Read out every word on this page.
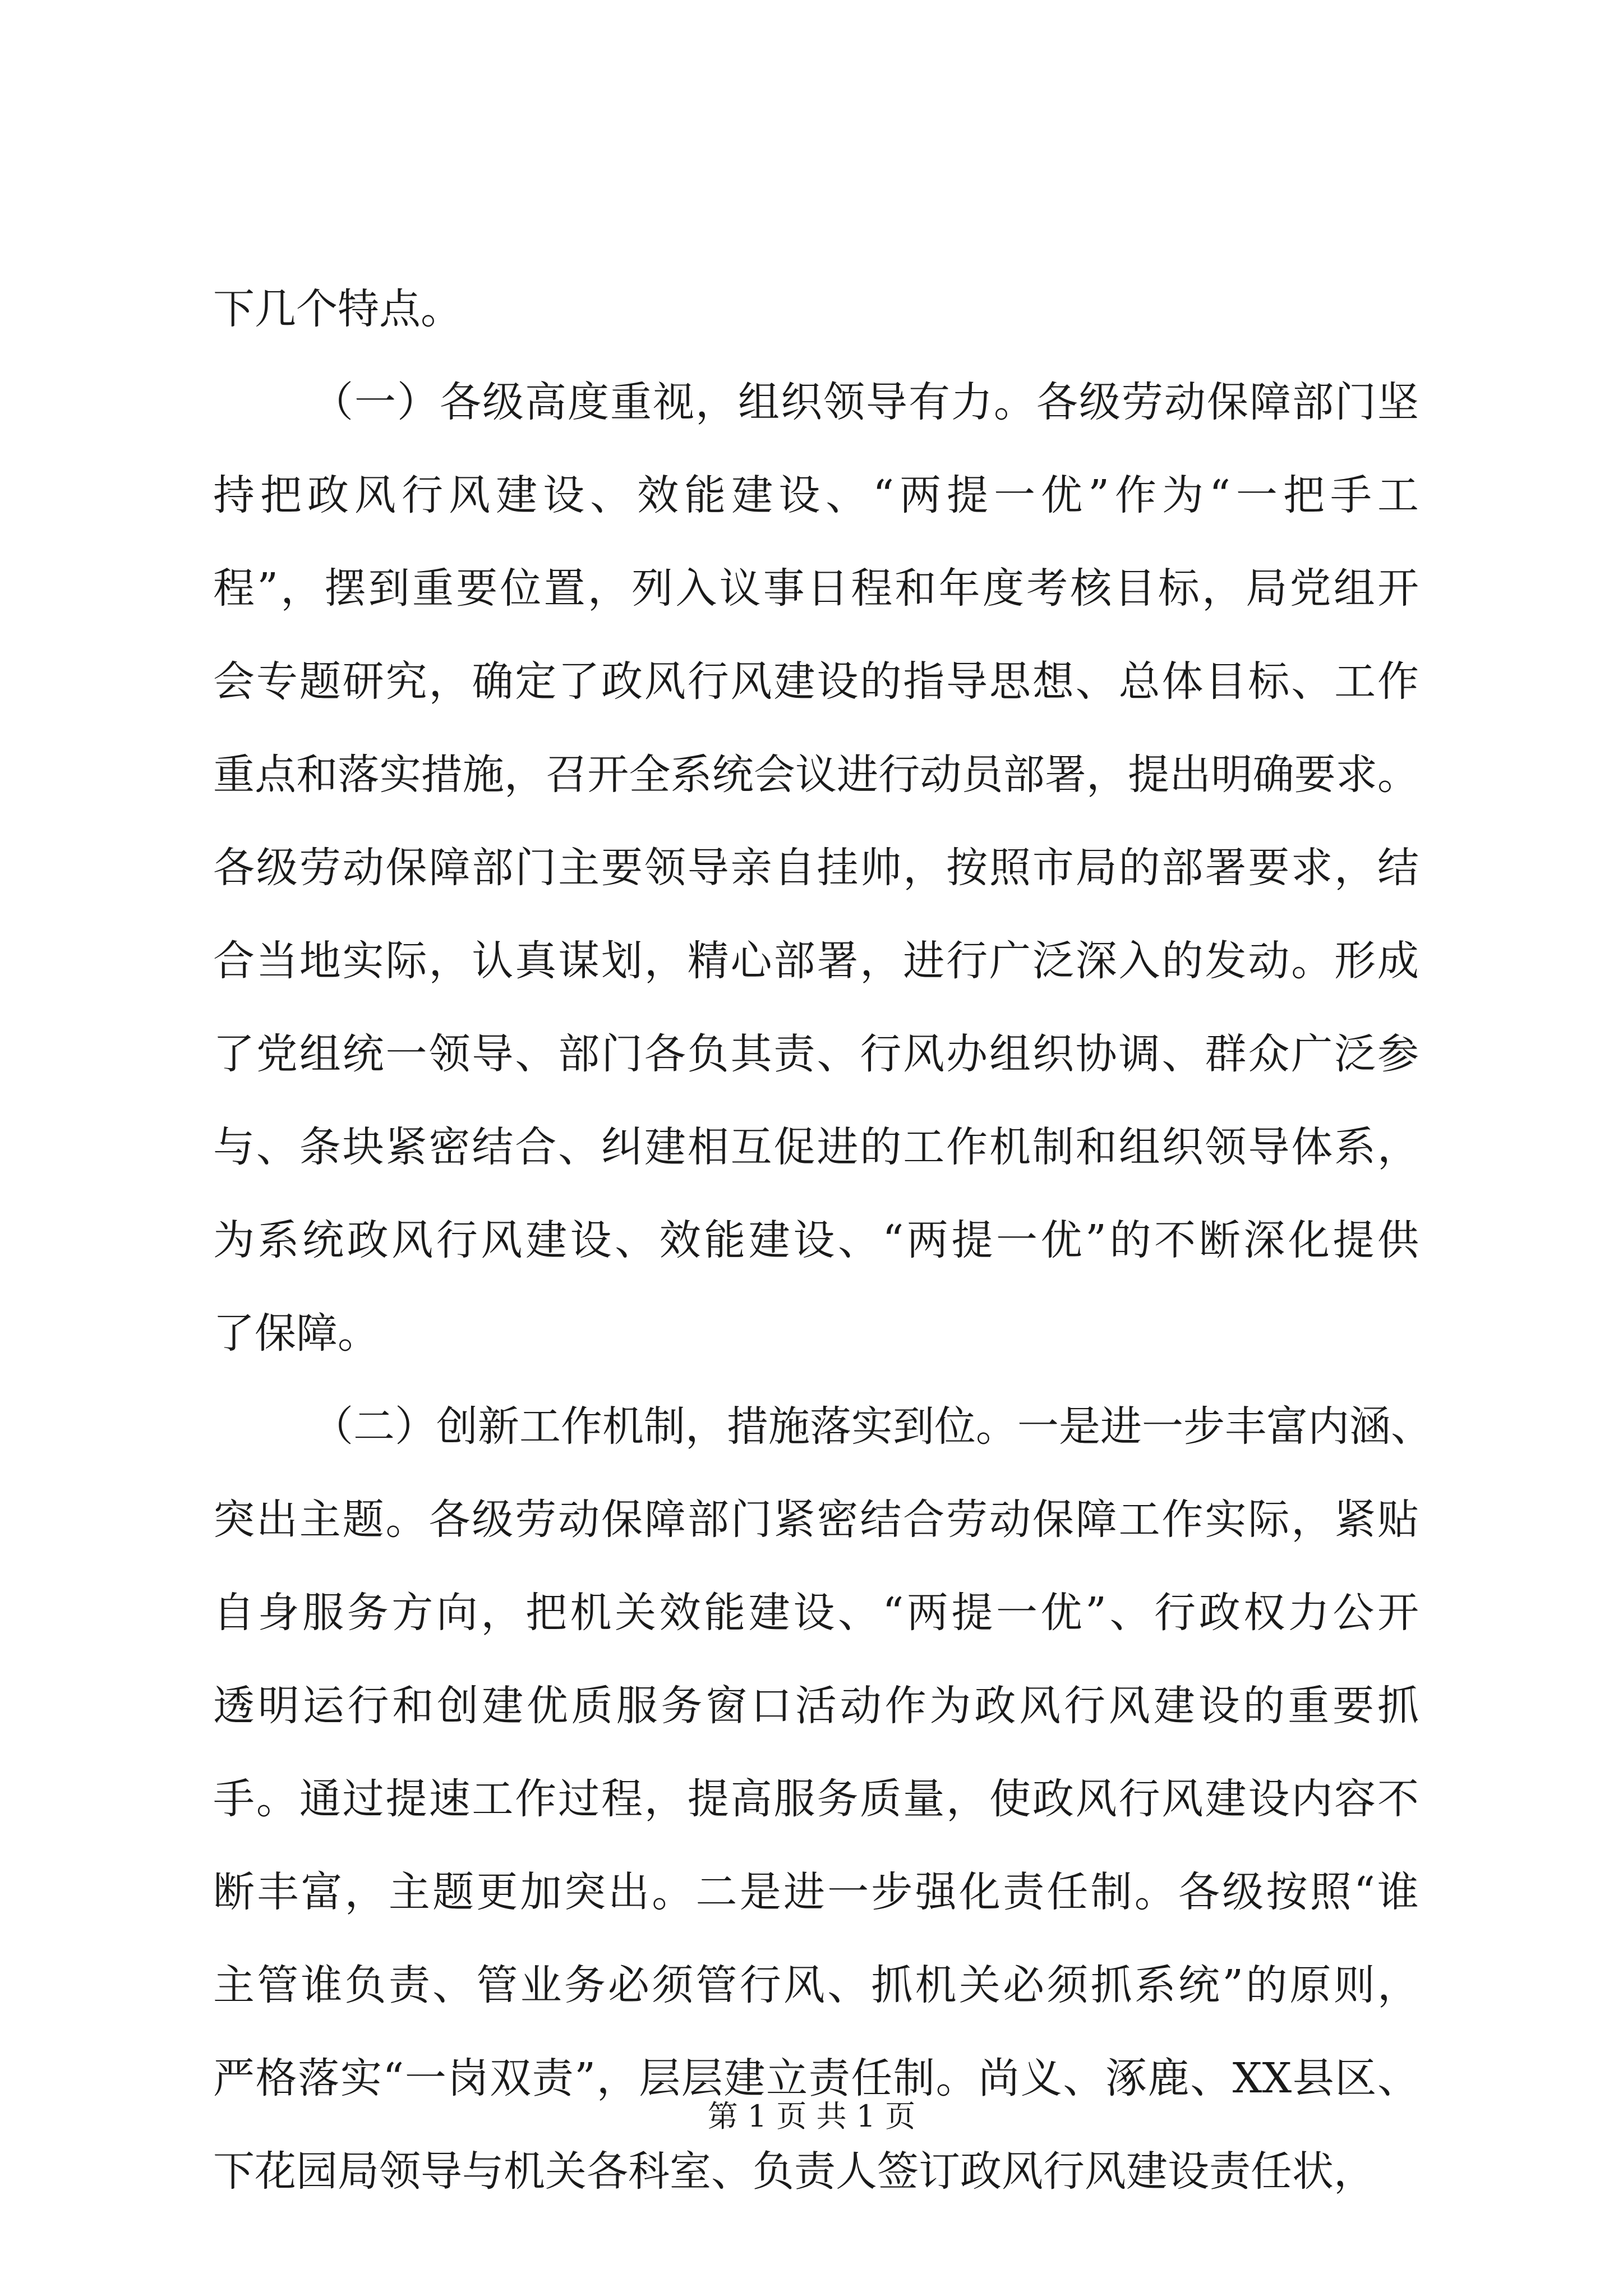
下几个特点。
（一）各级高度重视，组织领导有力。各级劳动保障部门坚
持把政风行风建设、效能建设、“两提一优”作为“一把手工
程”，摆到重要位置，列入议事日程和年度考核目标，局党组开
会专题研究，确定了政风行风建设的指导思想、总体目标、工作
重点和落实措施，召开全系统会议进行动员部署，提出明确要求。
各级劳动保障部门主要领导亲自挂帅，按照市局的部署要求，结
合当地实际，认真谋划，精心部署，进行广泛深入的发动。形成
了党组统一领导、部门各负其责、行风办组织协调、群众广泛参
与、条块紧密结合、纠建相互促进的工作机制和组织领导体系，
为系统政风行风建设、效能建设、“两提一优”的不断深化提供
了保障。
（二）创新工作机制，措施落实到位。一是进一步丰富内涵、
突出主题。各级劳动保障部门紧密结合劳动保障工作实际，紧贴
自身服务方向，把机关效能建设、“两提一优”、行政权力公开
透明运行和创建优质服务窗口活动作为政风行风建设的重要抓
手。通过提速工作过程，提高服务质量，使政风行风建设内容不
断丰富，主题更加突出。二是进一步强化责任制。各级按照“谁
主管谁负责、管业务必须管行风、抓机关必须抓系统”的原则，
严格落实“一岗双责”，层层建立责任制。尚义、涿鹿、XX县区、
下花园局领导与机关各科室、负责人签订政风行风建设责任状，
第 1 页 共 1 页
